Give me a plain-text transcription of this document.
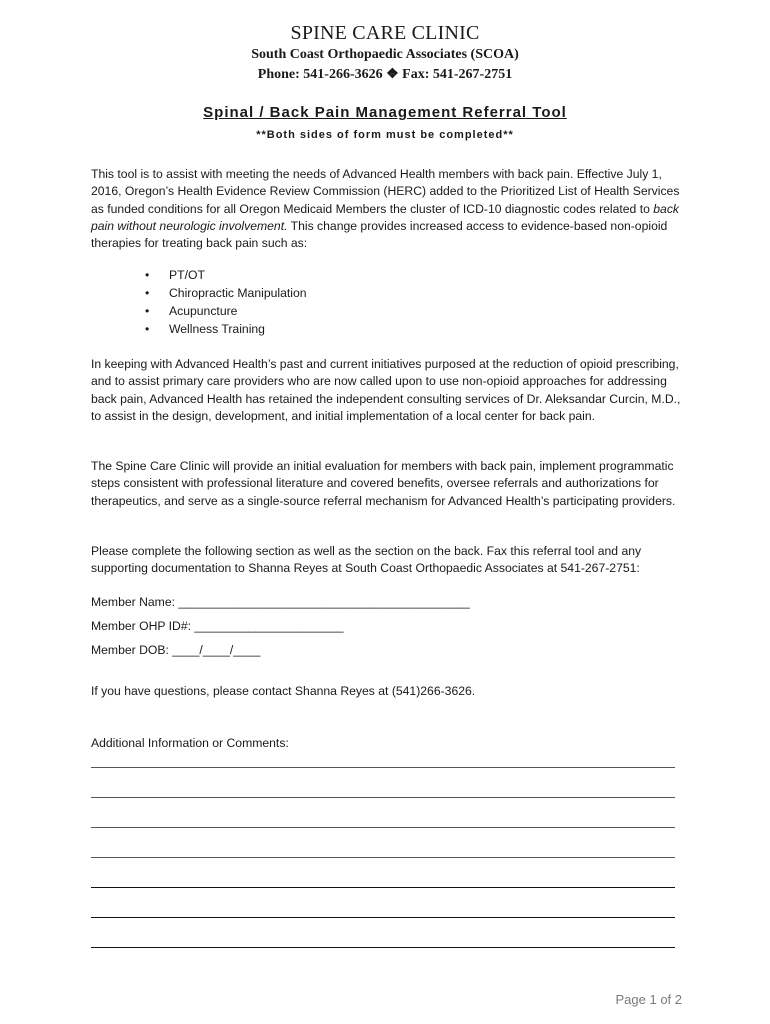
SPINE CARE CLINIC
South Coast Orthopaedic Associates (SCOA)
Phone: 541-266-3626 ❖ Fax: 541-267-2751
Spinal / Back Pain Management Referral Tool
**Both sides of form must be completed**

This tool is to assist with meeting the needs of Advanced Health members with back pain. Effective July 1, 2016, Oregon’s Health Evidence Review Commission (HERC) added to the Prioritized List of Health Services as funded conditions for all Oregon Medicaid Members the cluster of ICD-10 diagnostic codes related to back pain without neurologic involvement. This change provides increased access to evidence-based non-opioid therapies for treating back pain such as:

• PT/OT
• Chiropractic Manipulation
• Acupuncture
• Wellness Training

In keeping with Advanced Health’s past and current initiatives purposed at the reduction of opioid prescribing, and to assist primary care providers who are now called upon to use non-opioid approaches for addressing back pain, Advanced Health has retained the independent consulting services of Dr. Aleksandar Curcin, M.D., to assist in the design, development, and initial implementation of a local center for back pain.

The Spine Care Clinic will provide an initial evaluation for members with back pain, implement programmatic steps consistent with professional literature and covered benefits, oversee referrals and authorizations for therapeutics, and serve as a single-source referral mechanism for Advanced Health’s participating providers.

Please complete the following section as well as the section on the back. Fax this referral tool and any supporting documentation to Shanna Reyes at South Coast Orthopaedic Associates at 541-267-2751:

Member Name: ___________________________________________
Member OHP ID#: ______________________
Member DOB: ____/____/____
If you have questions, please contact Shanna Reyes at (541)266-3626.
Additional Information or Comments:
Page 1 of 2
